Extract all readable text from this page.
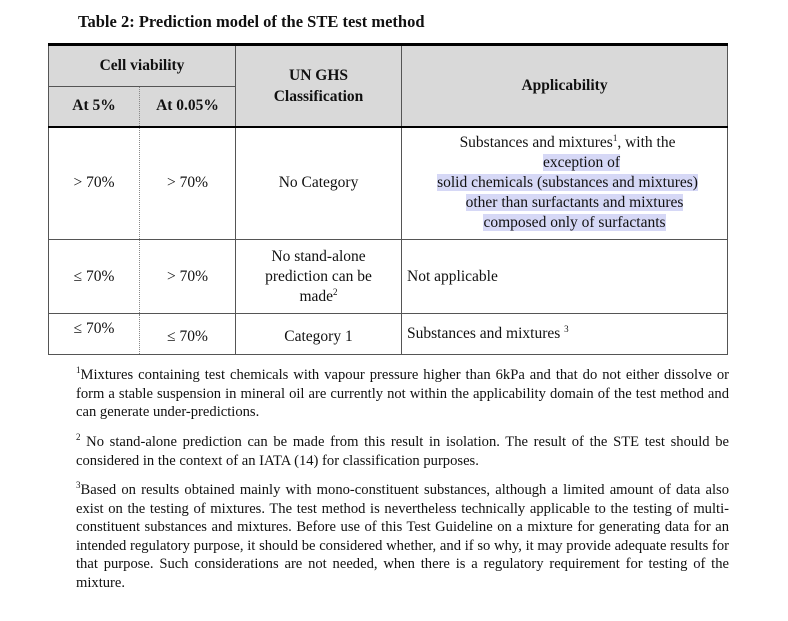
Table 2: Prediction model of the STE test method
Cell viability		UN GHS Classification	Applicability
At 5%	At 0.05%		
> 70%	> 70%	No Category	Substances and mixtures$^1$, with the
exception of
solid chemicals (substances and mixtures)
other than surfactants and mixtures
composed only of surfactants

≤ 70%	> 70%	No stand-alone
prediction can be
made$^2$	Not applicable
≤ 70%	≤ 70%	Category 1	Substances and mixtures $^3$
$^1$Mixtures containing test chemicals with vapour pressure higher than 6kPa and that do not either dissolve or form a stable suspension in mineral oil are currently not within the applicability domain of the test method and can generate under-predictions.
$^2$ No stand-alone prediction can be made from this result in isolation. The result of the STE test should be considered in the context of an IATA (14) for classification purposes.
$^3$Based on results obtained mainly with mono-constituent substances, although a limited amount of data also exist on the testing of mixtures. The test method is nevertheless technically applicable to the testing of multi-constituent substances and mixtures. Before use of this Test Guideline on a mixture for generating data for an intended regulatory purpose, it should be considered whether, and if so why, it may provide adequate results for that purpose. Such considerations are not needed, when there is a regulatory requirement for testing of the mixture.
